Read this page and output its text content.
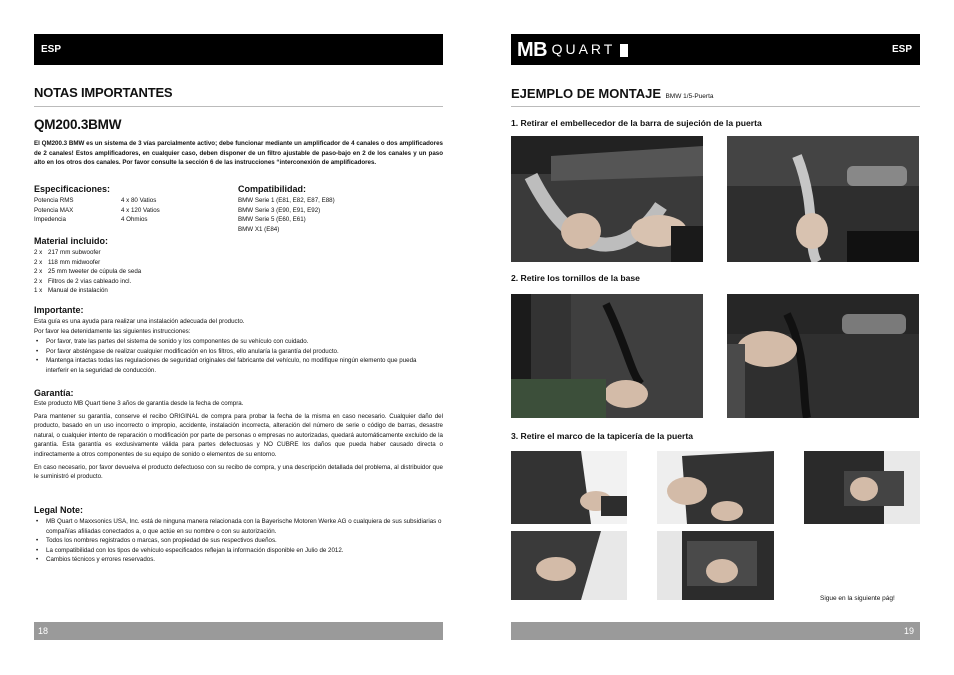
ESP
NOTAS IMPORTANTES
QM200.3BMW
El QM200.3 BMW es un sistema de 3 vías parcialmente activo; debe funcionar mediante un amplificador de 4 canales o dos amplificadores de 2 canales! Estos amplificadores, en cualquier caso, deben disponer de un filtro ajustable de paso-bajo en 2 de los canales y un paso alto en los otros dos canales. Por favor consulte la sección 6 de las instrucciones “interconexión de amplificadores.
Especificaciones:
Potencia RMS	4 x 80 Vatios
Potencia MAX	4 x 120 Vatios
Impedencia	4 Ohmios
Compatibilidad:
BMW Serie 1 (E81, E82, E87, E88)
BMW Serie 3 (E90, E91, E92)
BMW Serie 5 (E60, E61)
BMW X1 (E84)
Material incluido:
2 x 217 mm subwoofer
2 x 118 mm midwoofer
2 x 25 mm tweeter de cúpula de seda
2 x Filtros de 2 vías cableado incl.
1 x Manual de instalación
Importante:
Esta guía es una ayuda para realizar una instalación adecuada del producto.
Por favor lea detenidamente las siguientes instrucciones:
• Por favor, trate las partes del sistema de sonido y los componentes de su vehículo con cuidado.
• Por favor absténgase de realizar cualquier modificación en los filtros, ello anularía la garantía del producto.
• Mantenga intactas todas las regulaciones de seguridad originales del fabricante del vehículo, no modifique ningún elemento que pueda interferir en la seguridad de conducción.
Garantía:
Este producto MB Quart tiene 3 años de garantía desde la fecha de compra.
Para mantener su garantía, conserve el recibo ORIGINAL de compra para probar la fecha de la misma en caso necesario. Cualquier daño del producto, basado en un uso incorrecto o impropio, accidente, instalación incorrecta, alteración del número de serie o código de barras, desastre natural, o cualquier intento de reparación o modificación por parte de personas o empresas no autorizadas, quedará automáticamente excluido de la garantía. Esta garantía es exclusivamente válida para partes defectuosas y NO CUBRE los daños que pueda haber causado directa o indirectamente a otros componentes de su equipo de sonido o elementos de su entorno.
En caso necesario, por favor devuelva el producto defectuoso con su recibo de compra, y una descripción detallada del problema, al distribuidor que le suministró el producto.
Legal Note:
• MB Quart o Maxxsonics USA, Inc. está de ninguna manera relacionada con la Bayerische Motoren Werke AG o cualquiera de sus subsidiarias o compañías afiliadas conectados a, o que actúe en su nombre o con su autorización.
• Todos los nombres registrados o marcas, son propiedad de sus respectivos dueños.
• La compatibilidad con los tipos de vehículo especificados reflejan la información disponible en Julio de 2012.
• Cambios técnicos y errores reservados.
18
MB QUART	ESP
EJEMPLO DE MONTAJE BMW 1/5-Puerta
1. Retirar el embellecedor de la barra de sujeción de la puerta
2. Retire los tornillos de la base
3. Retire el marco de la tapicería de la puerta
Sigue en la siguiente pág!
19
